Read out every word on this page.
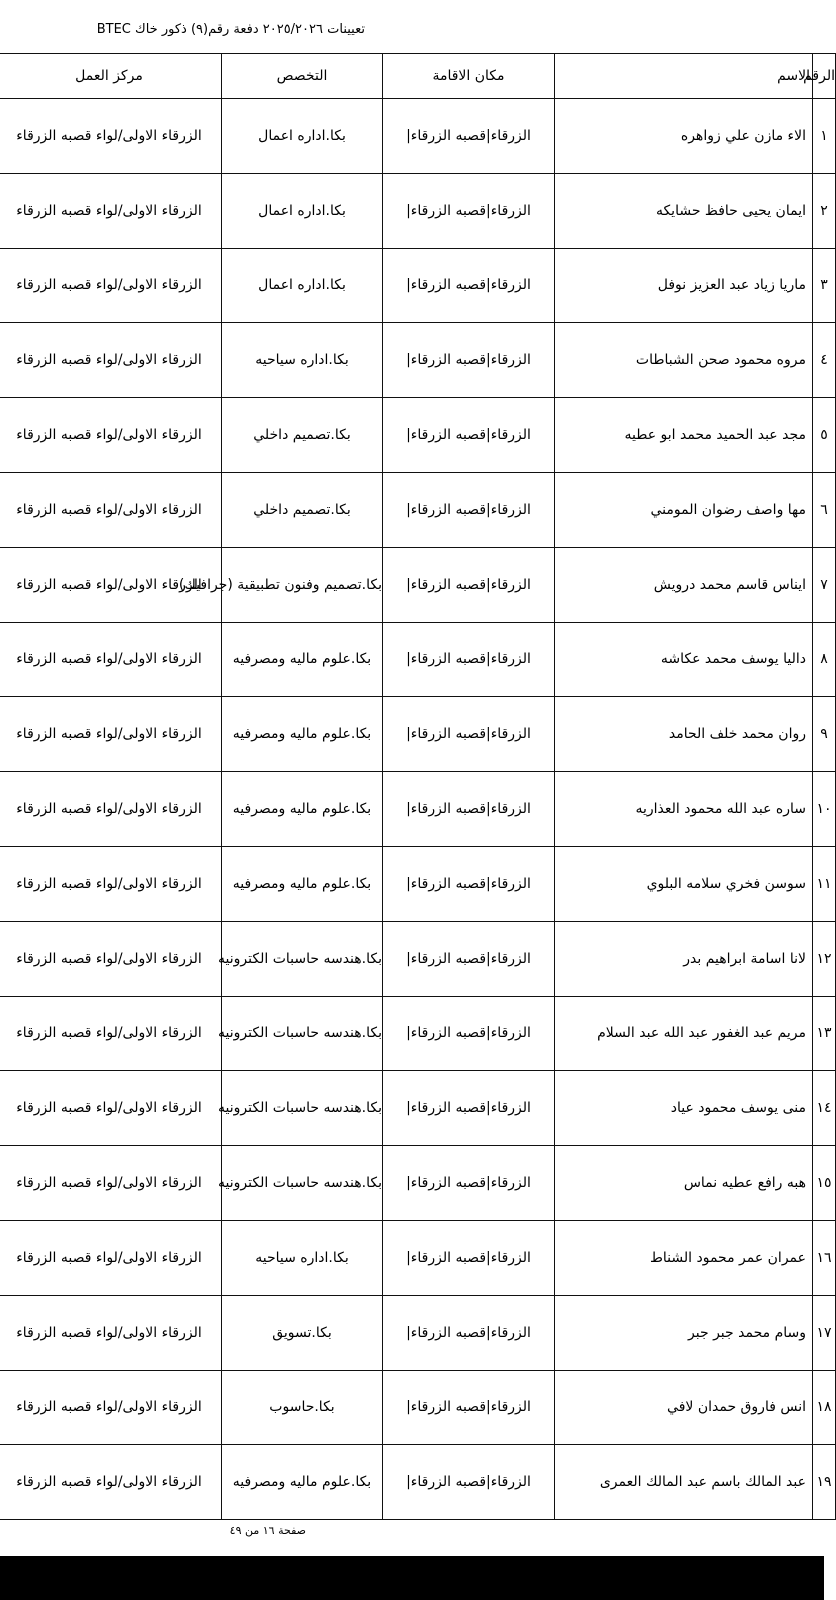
تعيينات ٢٠٢٥/٢٠٢٦ دفعة رقم(٩) ذكور خاك BTEC
الرقم	الاسم	مكان الاقامة	التخصص	مركز العمل
١	الاء مازن علي زواهره	الزرقاء|قصبه الزرقاء|	بكا.اداره اعمال	الزرقاء الاولى/لواء قصبه الزرقاء
٢	ايمان يحيى حافظ حشايكه	الزرقاء|قصبه الزرقاء|	بكا.اداره اعمال	الزرقاء الاولى/لواء قصبه الزرقاء
٣	ماريا زياد عبد العزيز نوفل	الزرقاء|قصبه الزرقاء|	بكا.اداره اعمال	الزرقاء الاولى/لواء قصبه الزرقاء
٤	مروه محمود صحن الشباطات	الزرقاء|قصبه الزرقاء|	بكا.اداره سياحيه	الزرقاء الاولى/لواء قصبه الزرقاء
٥	مجد عبد الحميد محمد ابو عطيه	الزرقاء|قصبه الزرقاء|	بكا.تصميم داخلي	الزرقاء الاولى/لواء قصبه الزرقاء
٦	مها واصف رضوان المومني	الزرقاء|قصبه الزرقاء|	بكا.تصميم داخلي	الزرقاء الاولى/لواء قصبه الزرقاء
٧	ايناس قاسم محمد درويش	الزرقاء|قصبه الزرقاء|	بكا.تصميم وفنون تطبيقية (جرافيك)	الزرقاء الاولى/لواء قصبه الزرقاء
٨	داليا يوسف محمد عكاشه	الزرقاء|قصبه الزرقاء|	بكا.علوم ماليه ومصرفيه	الزرقاء الاولى/لواء قصبه الزرقاء
٩	روان محمد خلف الحامد	الزرقاء|قصبه الزرقاء|	بكا.علوم ماليه ومصرفيه	الزرقاء الاولى/لواء قصبه الزرقاء
١٠	ساره عبد الله محمود العذاريه	الزرقاء|قصبه الزرقاء|	بكا.علوم ماليه ومصرفيه	الزرقاء الاولى/لواء قصبه الزرقاء
١١	سوسن فخري سلامه البلوي	الزرقاء|قصبه الزرقاء|	بكا.علوم ماليه ومصرفيه	الزرقاء الاولى/لواء قصبه الزرقاء
١٢	لانا اسامة ابراهيم بدر	الزرقاء|قصبه الزرقاء|	بكا.هندسه حاسبات الكترونيه	الزرقاء الاولى/لواء قصبه الزرقاء
١٣	مريم عبد الغفور عبد الله عبد السلام	الزرقاء|قصبه الزرقاء|	بكا.هندسه حاسبات الكترونيه	الزرقاء الاولى/لواء قصبه الزرقاء
١٤	منى يوسف محمود عياد	الزرقاء|قصبه الزرقاء|	بكا.هندسه حاسبات الكترونيه	الزرقاء الاولى/لواء قصبه الزرقاء
١٥	هبه رافع عطيه نماس	الزرقاء|قصبه الزرقاء|	بكا.هندسه حاسبات الكترونيه	الزرقاء الاولى/لواء قصبه الزرقاء
١٦	عمران عمر محمود الشناط	الزرقاء|قصبه الزرقاء|	بكا.اداره سياحيه	الزرقاء الاولى/لواء قصبه الزرقاء
١٧	وسام محمد جبر جبر	الزرقاء|قصبه الزرقاء|	بكا.تسويق	الزرقاء الاولى/لواء قصبه الزرقاء
١٨	انس فاروق حمدان لافي	الزرقاء|قصبه الزرقاء|	بكا.حاسوب	الزرقاء الاولى/لواء قصبه الزرقاء
١٩	عبد المالك باسم عبد المالك العمرى	الزرقاء|قصبه الزرقاء|	بكا.علوم ماليه ومصرفيه	الزرقاء الاولى/لواء قصبه الزرقاء
صفحة ١٦ من ٤٩
